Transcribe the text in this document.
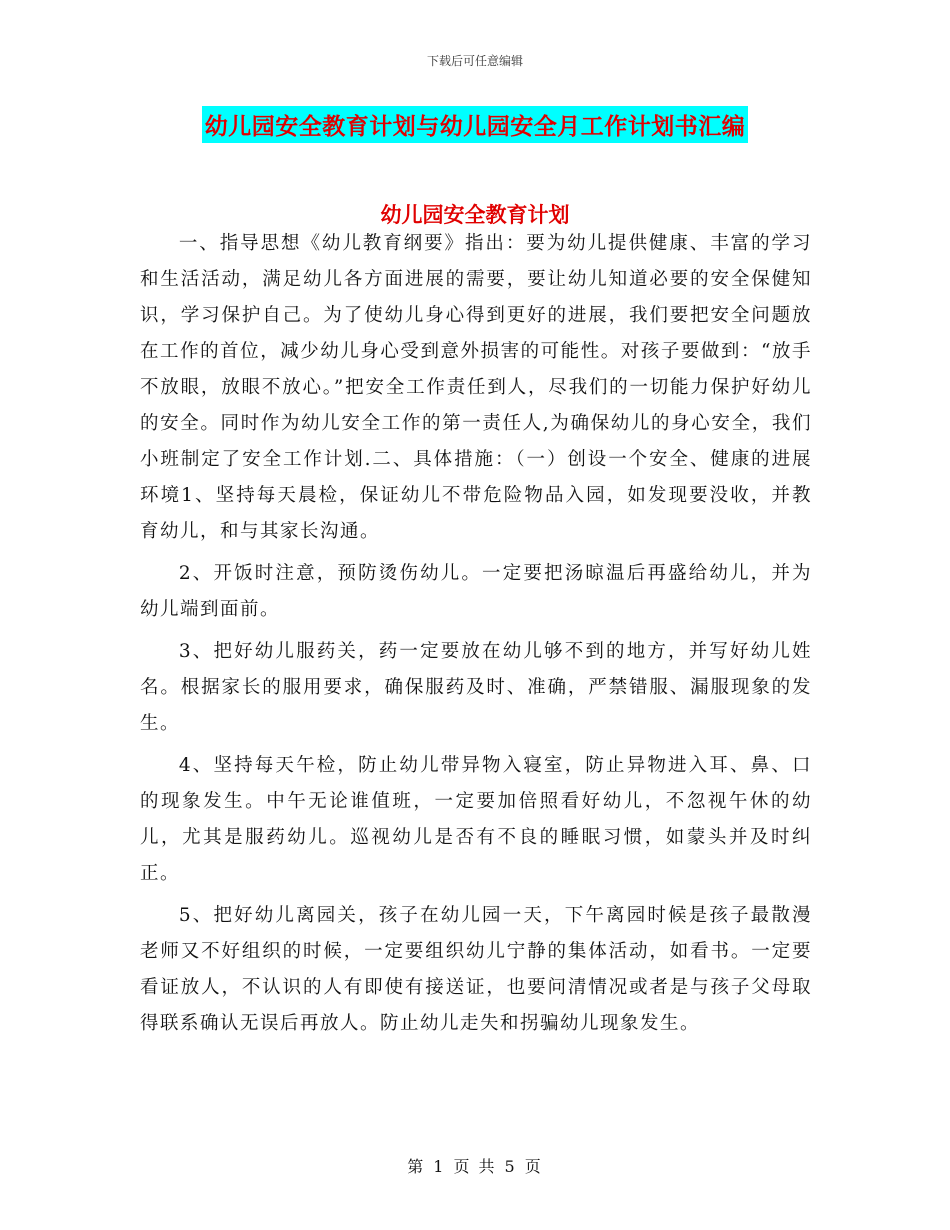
下载后可任意编辑
幼儿园安全教育计划与幼儿园安全月工作计划书汇编
幼儿园安全教育计划

一、指导思想《幼儿教育纲要》指出：要为幼儿提供健康、丰富的学习和生活活动，满足幼儿各方面进展的需要，要让幼儿知道必要的安全保健知识，学习保护自己。为了使幼儿身心得到更好的进展，我们要把安全问题放在工作的首位，减少幼儿身心受到意外损害的可能性。对孩子要做到：“放手不放眼，放眼不放心。”把安全工作责任到人，尽我们的一切能力保护好幼儿的安全。同时作为幼儿安全工作的第一责任人,为确保幼儿的身心安全，我们小班制定了安全工作计划.二、具体措施：（一）创设一个安全、健康的进展环境1、坚持每天晨检，保证幼儿不带危险物品入园，如发现要没收，并教育幼儿，和与其家长沟通。

2、开饭时注意，预防烫伤幼儿。一定要把汤晾温后再盛给幼儿，并为幼儿端到面前。

3、把好幼儿服药关，药一定要放在幼儿够不到的地方，并写好幼儿姓名。根据家长的服用要求，确保服药及时、准确，严禁错服、漏服现象的发生。

4、坚持每天午检，防止幼儿带异物入寝室，防止异物进入耳、鼻、口的现象发生。中午无论谁值班，一定要加倍照看好幼儿，不忽视午休的幼儿，尤其是服药幼儿。巡视幼儿是否有不良的睡眠习惯，如蒙头并及时纠正。

5、把好幼儿离园关，孩子在幼儿园一天，下午离园时候是孩子最散漫老师又不好组织的时候，一定要组织幼儿宁静的集体活动，如看书。一定要看证放人，不认识的人有即使有接送证，也要问清情况或者是与孩子父母取得联系确认无误后再放人。防止幼儿走失和拐骗幼儿现象发生。

第 1 页 共 5 页
